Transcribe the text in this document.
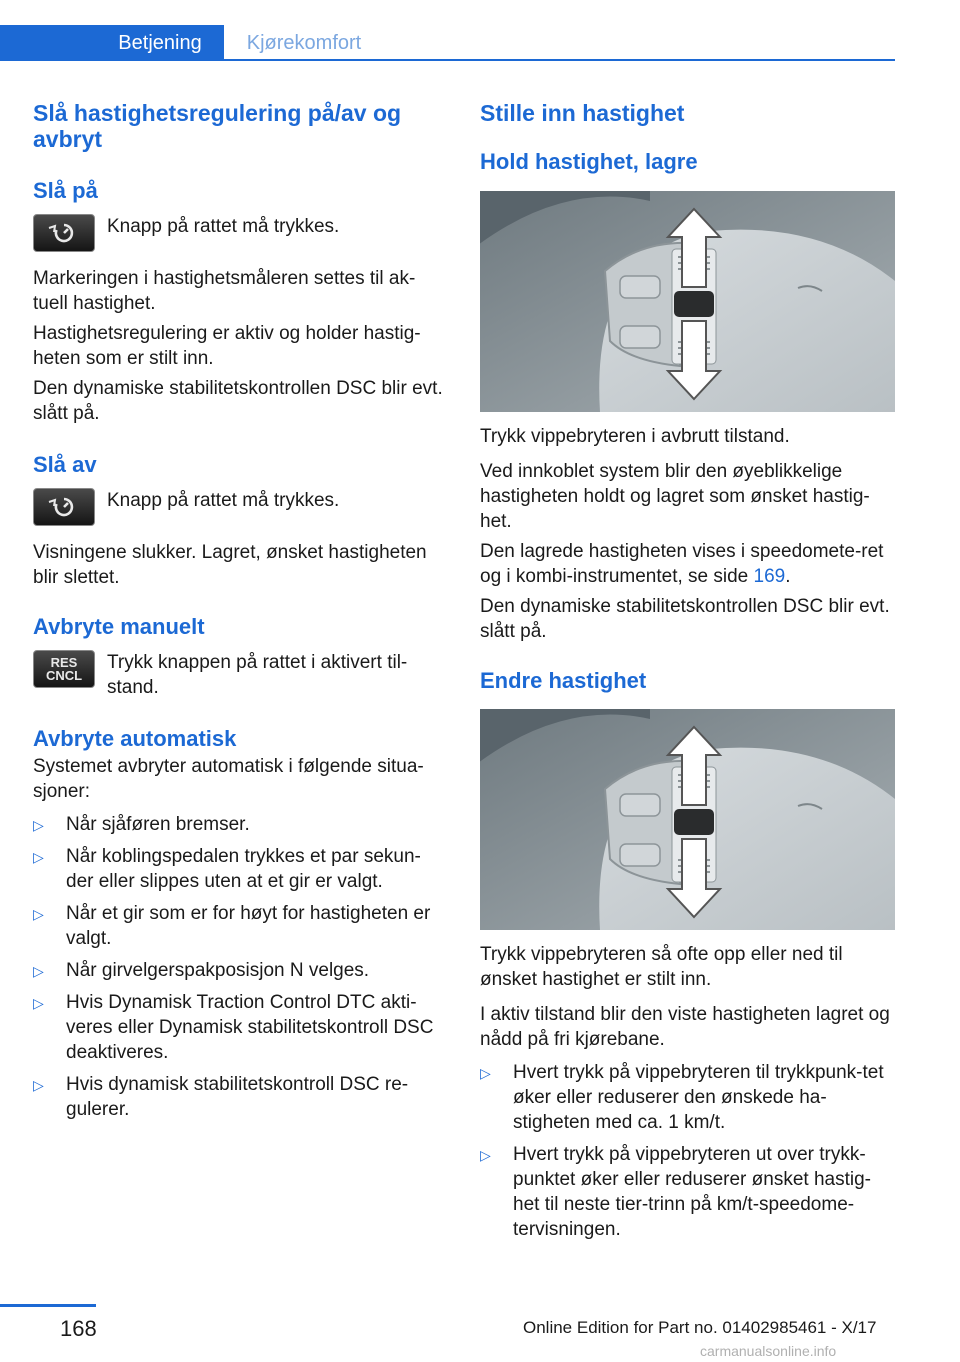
Betjening	Kjørekomfort
Slå hastighetsregulering på/av og avbryt
Slå på
Knapp på rattet må trykkes.

Markeringen i hastighetsmåleren settes til ak-tuell hastighet.

Hastighetsregulering er aktiv og holder hastig-heten som er stilt inn.

Den dynamiske stabilitetskontrollen DSC blir evt. slått på.

Slå av
Knapp på rattet må trykkes.

Visningene slukker. Lagret, ønsket hastigheten blir slettet.

Avbryte manuelt
RES
CNCL
Trykk knappen på rattet i aktivert til-stand.
Avbryte automatisk

Systemet avbryter automatisk i følgende situa-sjoner:

▷ Når sjåføren bremser.
▷ Når koblingspedalen trykkes et par sekun-der eller slippes uten at et gir er valgt.
▷ Når et gir som er for høyt for hastigheten er valgt.
▷ Når girvelgerspakposisjon N velges.
▷ Hvis Dynamisk Traction Control DTC akti-veres eller Dynamisk stabilitetskontroll DSC deaktiveres.
▷ Hvis dynamisk stabilitetskontroll DSC re-gulerer.
Stille inn hastighet
Hold hastighet, lagre

Trykk vippebryteren i avbrutt tilstand.

Ved innkoblet system blir den øyeblikkelige hastigheten holdt og lagret som ønsket hastig-het.

Den lagrede hastigheten vises i speedomete-ret og i kombi-instrumentet, se side 169.

Den dynamiske stabilitetskontrollen DSC blir evt. slått på.

Endre hastighet

Trykk vippebryteren så ofte opp eller ned til ønsket hastighet er stilt inn.

I aktiv tilstand blir den viste hastigheten lagret og nådd på fri kjørebane.

▷ Hvert trykk på vippebryteren til trykkpunk-tet øker eller reduserer den ønskede ha-stigheten med ca. 1 km/t.
▷ Hvert trykk på vippebryteren ut over trykk-punktet øker eller reduserer ønsket hastig-het til neste tier-trinn på km/t-speedome-tervisningen.
168	Online Edition for Part no. 01402985461 - X/17
carmanualsonline.info
